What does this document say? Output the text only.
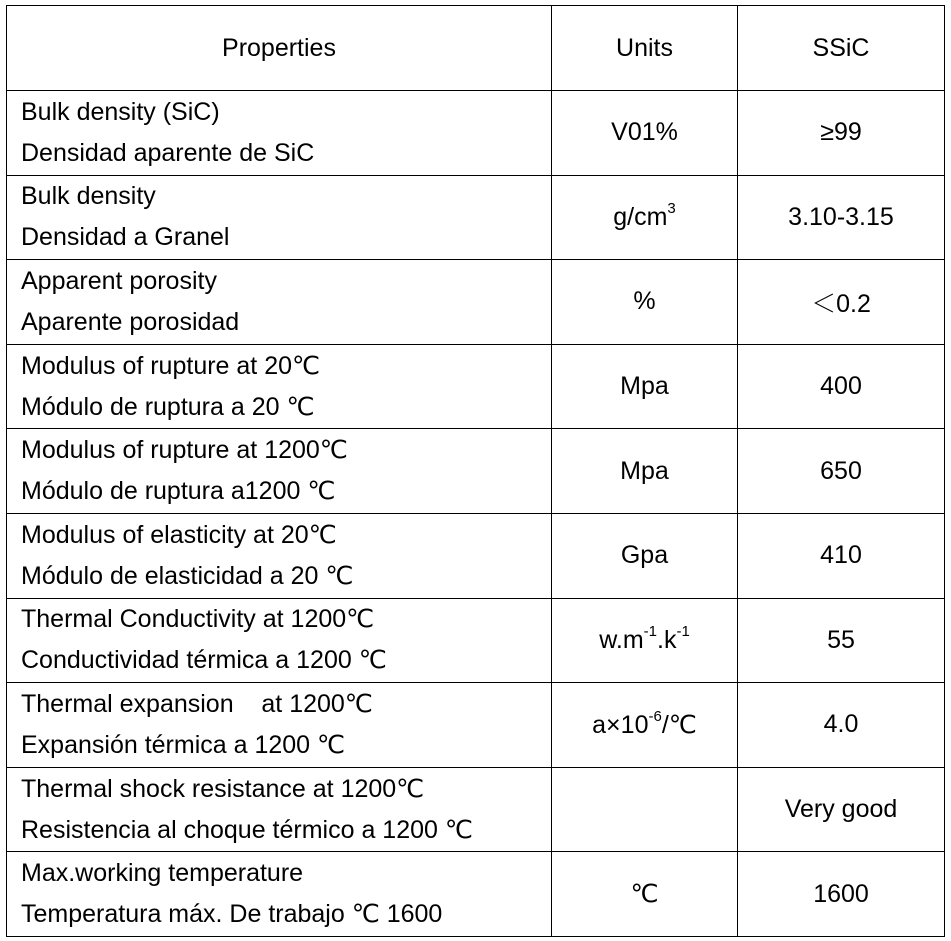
Properties	Units	SSiC

Bulk density (SiC)
Densidad aparente de SiC	V01%	≥99

Bulk density
Densidad a Granel	$g/cm^3$	3.10-3.15

Apparent porosity
Aparente porosidad	%	＜0.2

Modulus of rupture at 20℃
Módulo de ruptura a 20 ℃	Mpa	400

Modulus of rupture at 1200℃
Módulo de ruptura a1200 ℃	Mpa	650

Modulus of elasticity at 20℃
Módulo de elasticidad a 20 ℃	Gpa	410

Thermal Conductivity at 1200℃
Conductividad térmica a 1200 ℃	$w.m^{-1}.k^{-1}$	55

Thermal expansion    at 1200℃
Expansión térmica a 1200 ℃	$a\times 10^{-6}/℃$	4.0

Thermal shock resistance at 1200℃
Resistencia al choque térmico a 1200 ℃		Very good

Max.working temperature
Temperatura máx. De trabajo ℃ 1600	℃	1600
